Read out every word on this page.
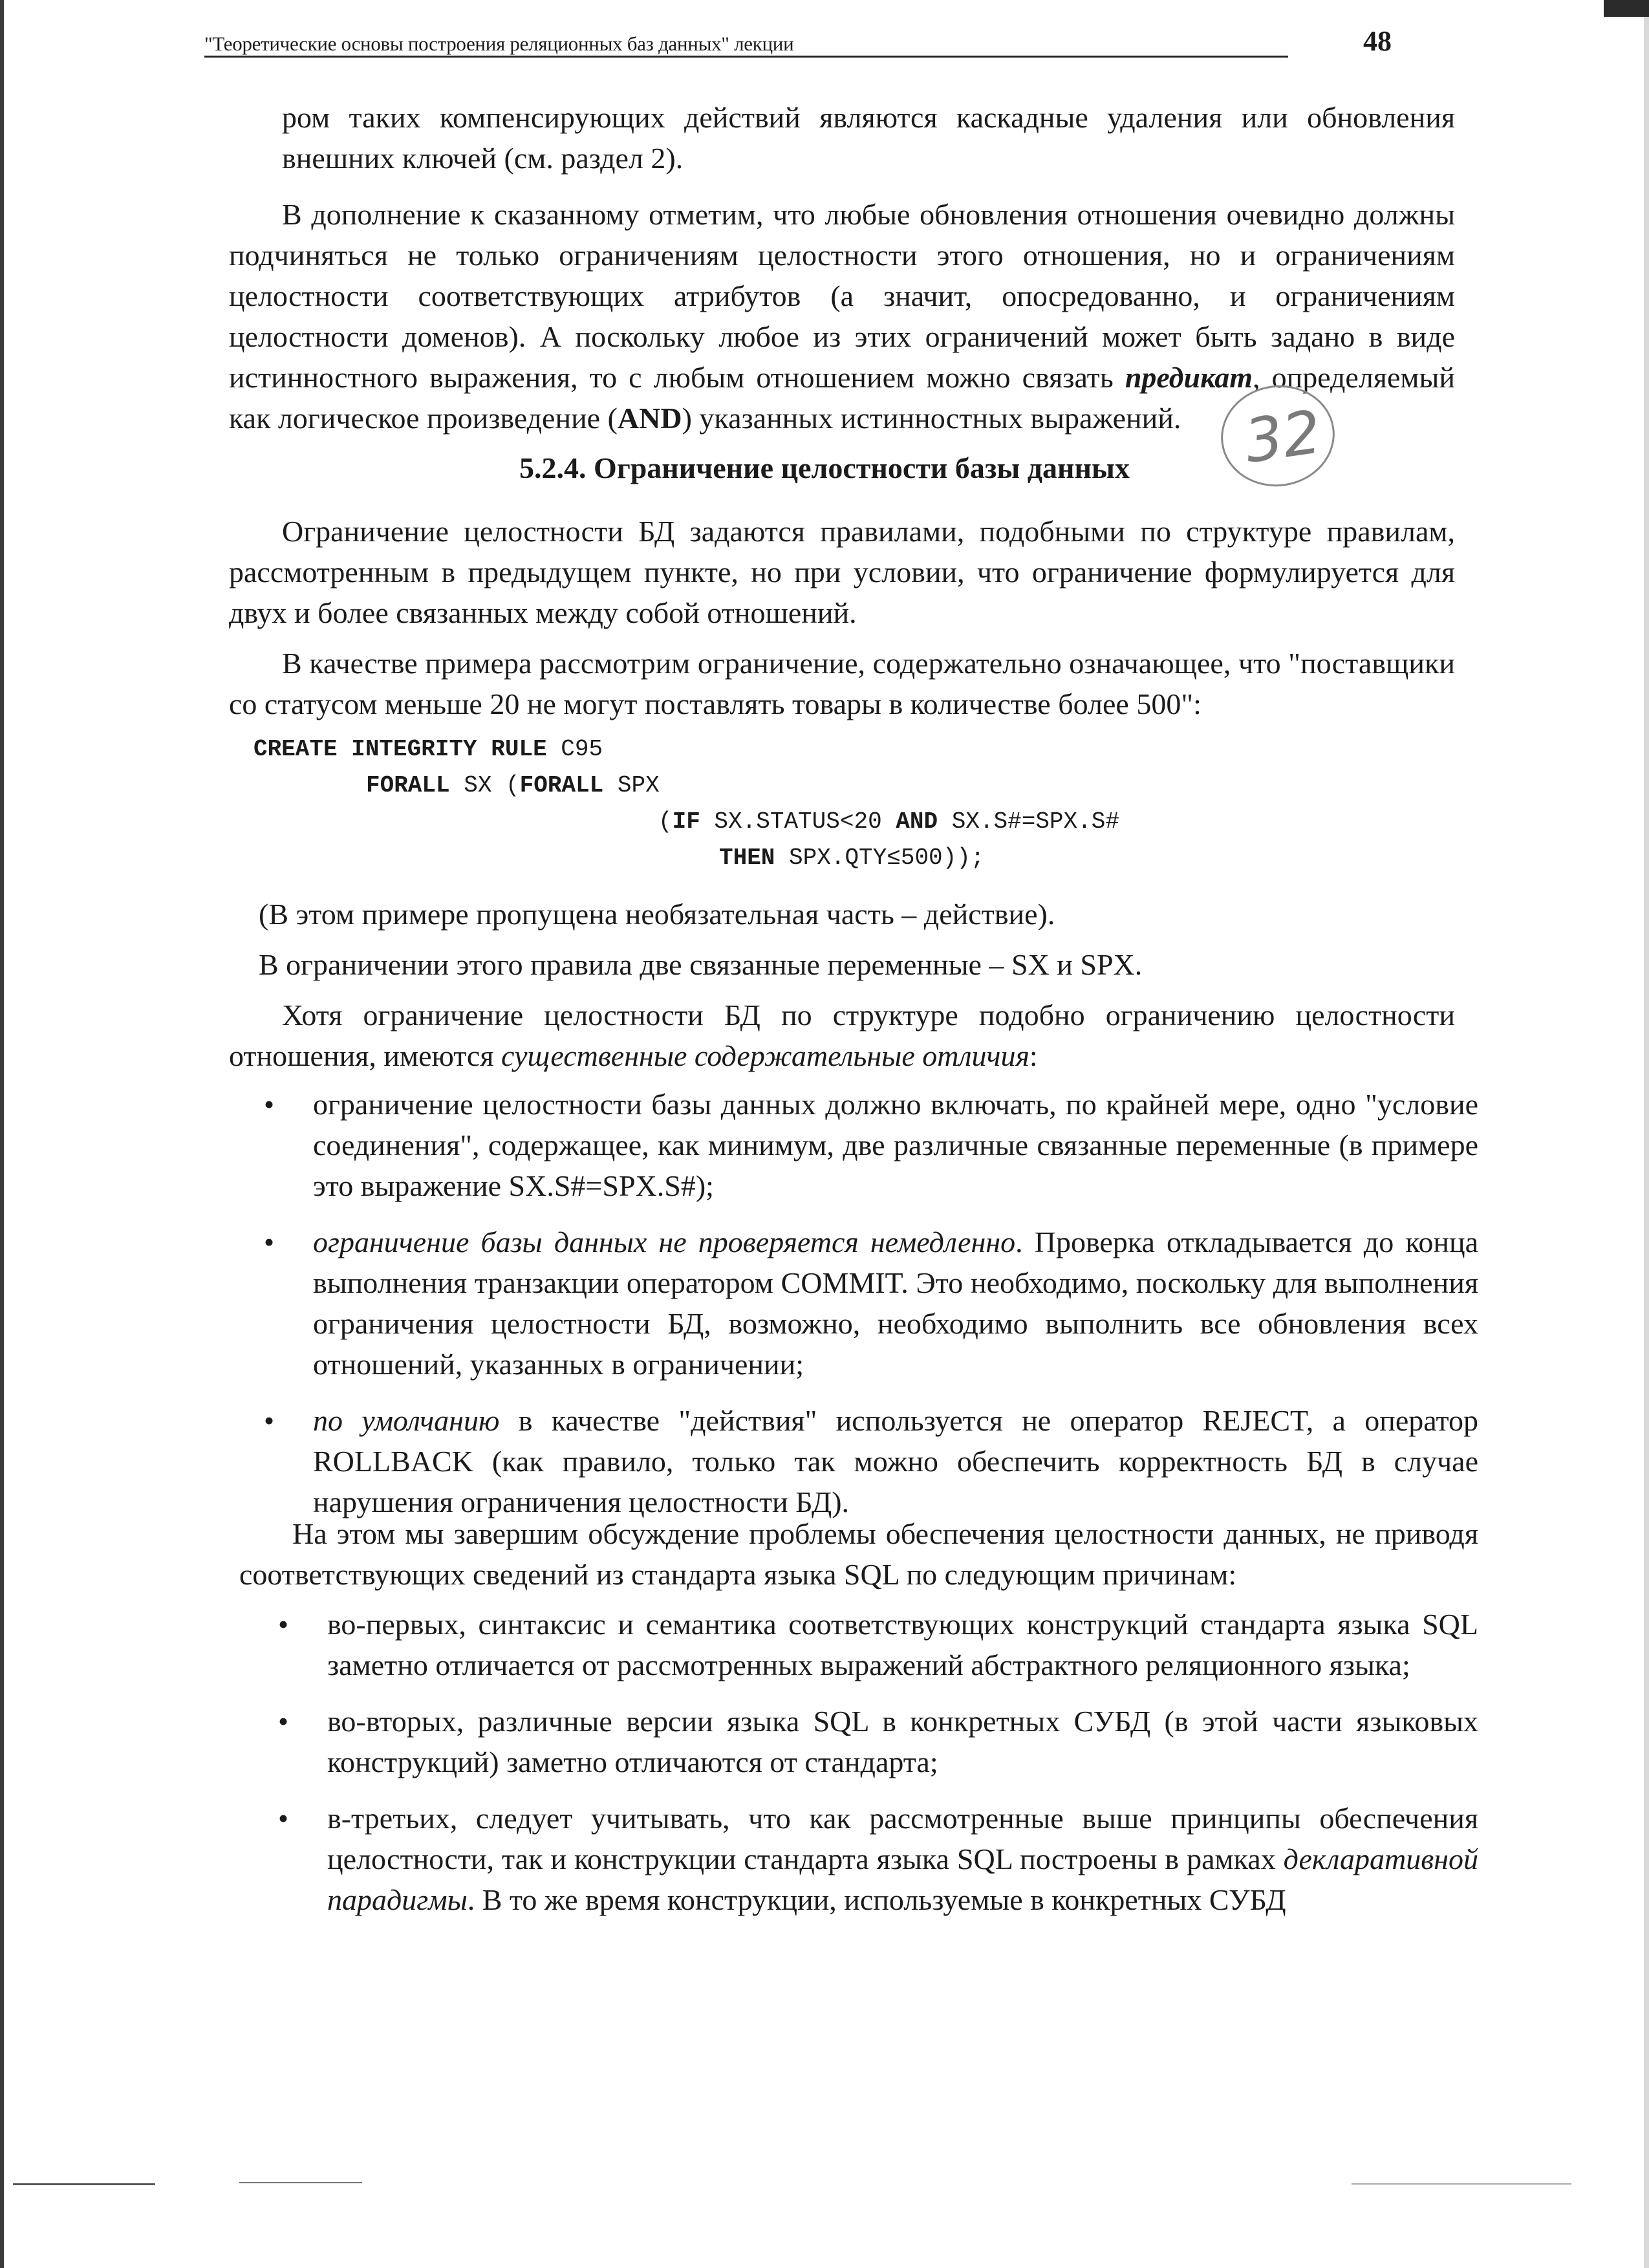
"Теоретические основы построения реляционных баз данных" лекции	48

ром таких компенсирующих действий являются каскадные удаления или обновления внешних ключей (см. раздел 2).

В дополнение к сказанному отметим, что любые обновления отношения очевидно должны подчиняться не только ограничениям целостности этого отношения, но и ограничениям целостности соответствующих атрибутов (а значит, опосредованно, и ограничениям целостности доменов). А поскольку любое из этих ограничений может быть задано в виде истинностного выражения, то с любым отношением можно связать предикат, определяемый как логическое произведение (AND) указанных истинностных выражений.	32
5.2.4. Ограничение целостности базы данных

Ограничение целостности БД задаются правилами, подобными по структуре правилам, рассмотренным в предыдущем пункте, но при условии, что ограничение формулируется для двух и более связанных между собой отношений.

В качестве примера рассмотрим ограничение, содержательно означающее, что "поставщики со статусом меньше 20 не могут поставлять товары в количестве более 500":

CREATE INTEGRITY RULE C95
FORALL SX (FORALL SPX
(IF SX.STATUS<20 AND SX.S#=SPX.S#
THEN SPX.QTY≤500));

(В этом примере пропущена необязательная часть – действие).

В ограничении этого правила две связанные переменные – SX и SPX.

Хотя ограничение целостности БД по структуре подобно ограничению целостности отношения, имеются существенные содержательные отличия:

• ограничение целостности базы данных должно включать, по крайней мере, одно "условие соединения", содержащее, как минимум, две различные связанные переменные (в примере это выражение SX.S#=SPX.S#);
• ограничение базы данных не проверяется немедленно. Проверка откладывается до конца выполнения транзакции оператором COMMIT. Это необходимо, поскольку для выполнения ограничения целостности БД, возможно, необходимо выполнить все обновления всех отношений, указанных в ограничении;
• по умолчанию в качестве "действия" используется не оператор REJECT, а оператор ROLLBACK (как правило, только так можно обеспечить корректность БД в случае нарушения ограничения целостности БД).

На этом мы завершим обсуждение проблемы обеспечения целостности данных, не приводя соответствующих сведений из стандарта языка SQL по следующим причинам:

• во-первых, синтаксис и семантика соответствующих конструкций стандарта языка SQL заметно отличается от рассмотренных выражений абстрактного реляционного языка;
• во-вторых, различные версии языка SQL в конкретных СУБД (в этой части языковых конструкций) заметно отличаются от стандарта;
• в-третьих, следует учитывать, что как рассмотренные выше принципы обеспечения целостности, так и конструкции стандарта языка SQL построены в рамках декларативной парадигмы. В то же время конструкции, используемые в конкретных СУБД
